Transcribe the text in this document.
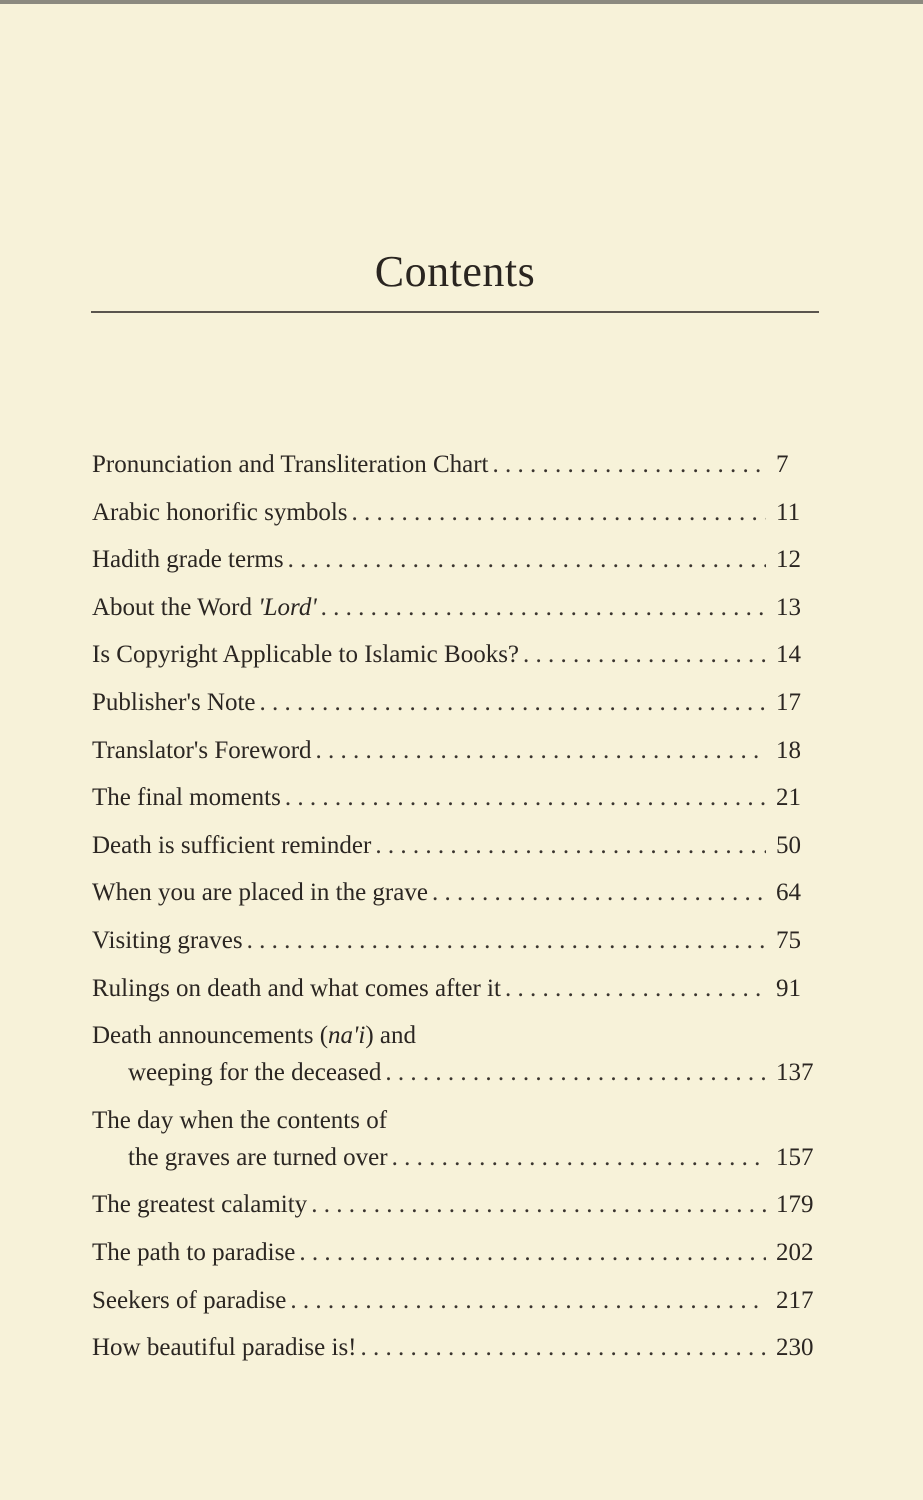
Contents
Pronunciation and Transliteration Chart . . .	7
Arabic honorific symbols . . .	11
Hadith grade terms . . .	12
About the Word 'Lord' . . .	13
Is Copyright Applicable to Islamic Books? . . .	14
Publisher's Note . . .	17
Translator's Foreword . . .	18
The final moments . . .	21
Death is sufficient reminder . . .	50
When you are placed in the grave . . .	64
Visiting graves . . .	75
Rulings on death and what comes after it . . .	91
Death announcements (na'i) and
weeping for the deceased . . .	137
The day when the contents of
the graves are turned over . . .	157
The greatest calamity . . .	179
The path to paradise . . .	202
Seekers of paradise . . .	217
How beautiful paradise is! . . .	230
